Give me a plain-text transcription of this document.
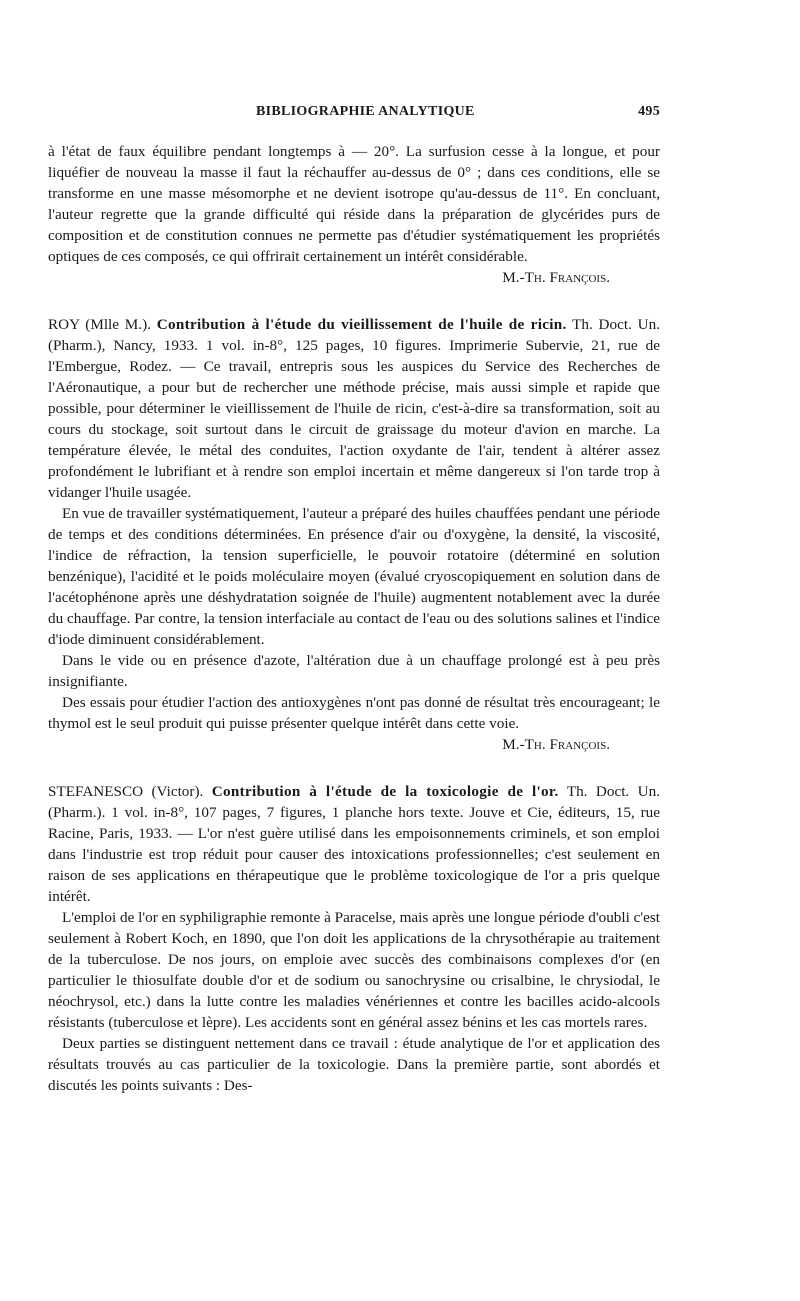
BIBLIOGRAPHIE ANALYTIQUE	495

à l'état de faux équilibre pendant longtemps à — 20°. La surfusion cesse à la longue, et pour liquéfier de nouveau la masse il faut la réchauffer au-dessus de 0° ; dans ces conditions, elle se transforme en une masse mésomorphe et ne devient isotrope qu'au-dessus de 11°. En concluant, l'auteur regrette que la grande difficulté qui réside dans la préparation de glycérides purs de composition et de constitution connues ne permette pas d'étudier systématiquement les propriétés optiques de ces composés, ce qui offrirait certainement un intérêt considérable.
M.-Th. François.

ROY (Mlle M.). Contribution à l'étude du vieillissement de l'huile de ricin. Th. Doct. Un. (Pharm.), Nancy, 1933. 1 vol. in-8°, 125 pages, 10 figures. Imprimerie Subervie, 21, rue de l'Embergue, Rodez. — Ce travail, entrepris sous les auspices du Service des Recherches de l'Aéronautique, a pour but de rechercher une méthode précise, mais aussi simple et rapide que possible, pour déterminer le vieillissement de l'huile de ricin, c'est-à-dire sa transformation, soit au cours du stockage, soit surtout dans le circuit de graissage du moteur d'avion en marche. La température élevée, le métal des conduites, l'action oxydante de l'air, tendent à altérer assez profondément le lubrifiant et à rendre son emploi incertain et même dangereux si l'on tarde trop à vidanger l'huile usagée.

En vue de travailler systématiquement, l'auteur a préparé des huiles chauffées pendant une période de temps et des conditions déterminées. En présence d'air ou d'oxygène, la densité, la viscosité, l'indice de réfraction, la tension superficielle, le pouvoir rotatoire (déterminé en solution benzénique), l'acidité et le poids moléculaire moyen (évalué cryoscopiquement en solution dans de l'acétophénone après une déshydratation soignée de l'huile) augmentent notablement avec la durée du chauffage. Par contre, la tension interfaciale au contact de l'eau ou des solutions salines et l'indice d'iode diminuent considérablement.

Dans le vide ou en présence d'azote, l'altération due à un chauffage prolongé est à peu près insignifiante.

Des essais pour étudier l'action des antioxygènes n'ont pas donné de résultat très encourageant; le thymol est le seul produit qui puisse présenter quelque intérêt dans cette voie.
M.-Th. François.

STEFANESCO (Victor). Contribution à l'étude de la toxicologie de l'or. Th. Doct. Un. (Pharm.). 1 vol. in-8°, 107 pages, 7 figures, 1 planche hors texte. Jouve et Cie, éditeurs, 15, rue Racine, Paris, 1933. — L'or n'est guère utilisé dans les empoisonnements criminels, et son emploi dans l'industrie est trop réduit pour causer des intoxications professionnelles; c'est seulement en raison de ses applications en thérapeutique que le problème toxicologique de l'or a pris quelque intérêt.

L'emploi de l'or en syphiligraphie remonte à Paracelse, mais après une longue période d'oubli c'est seulement à Robert Koch, en 1890, que l'on doit les applications de la chrysothérapie au traitement de la tuberculose. De nos jours, on emploie avec succès des combinaisons complexes d'or (en particulier le thiosulfate double d'or et de sodium ou sanochrysine ou crisalbine, le chrysiodal, le néochrysol, etc.) dans la lutte contre les maladies vénériennes et contre les bacilles acido-alcools résistants (tuberculose et lèpre). Les accidents sont en général assez bénins et les cas mortels rares.

Deux parties se distinguent nettement dans ce travail : étude analytique de l'or et application des résultats trouvés au cas particulier de la toxicologie. Dans la première partie, sont abordés et discutés les points suivants : Des-
